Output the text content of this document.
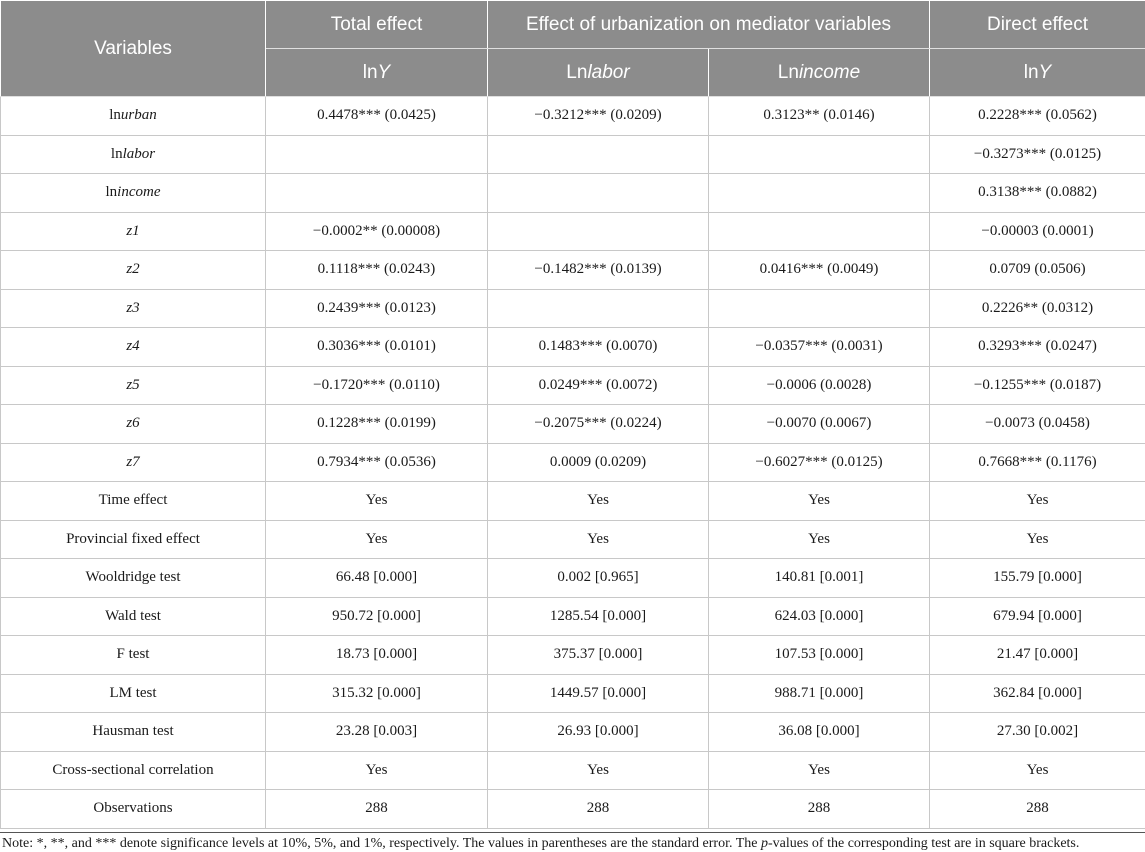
Variables	Total effect	Effect of urbanization on mediator variables		Direct effect
	lnY	Lnlabor	Lnincome	lnY
lnurban	0.4478*** (0.0425)	−0.3212*** (0.0209)	0.3123** (0.0146)	0.2228*** (0.0562)
lnlabor				−0.3273*** (0.0125)
lnincome				0.3138*** (0.0882)
z1	−0.0002** (0.00008)			−0.00003 (0.0001)
z2	0.1118*** (0.0243)	−0.1482*** (0.0139)	0.0416*** (0.0049)	0.0709 (0.0506)
z3	0.2439*** (0.0123)			0.2226** (0.0312)
z4	0.3036*** (0.0101)	0.1483*** (0.0070)	−0.0357*** (0.0031)	0.3293*** (0.0247)
z5	−0.1720*** (0.0110)	0.0249*** (0.0072)	−0.0006 (0.0028)	−0.1255*** (0.0187)
z6	0.1228*** (0.0199)	−0.2075*** (0.0224)	−0.0070 (0.0067)	−0.0073 (0.0458)
z7	0.7934*** (0.0536)	0.0009 (0.0209)	−0.6027*** (0.0125)	0.7668*** (0.1176)
Time effect	Yes	Yes	Yes	Yes
Provincial fixed effect	Yes	Yes	Yes	Yes
Wooldridge test	66.48 [0.000]	0.002 [0.965]	140.81 [0.001]	155.79 [0.000]
Wald test	950.72 [0.000]	1285.54 [0.000]	624.03 [0.000]	679.94 [0.000]
F test	18.73 [0.000]	375.37 [0.000]	107.53 [0.000]	21.47 [0.000]
LM test	315.32 [0.000]	1449.57 [0.000]	988.71 [0.000]	362.84 [0.000]
Hausman test	23.28 [0.003]	26.93 [0.000]	36.08 [0.000]	27.30 [0.002]
Cross-sectional correlation	Yes	Yes	Yes	Yes
Observations	288	288	288	288
Note: *, **, and *** denote significance levels at 10%, 5%, and 1%, respectively. The values in parentheses are the standard error. The p-values of the corresponding test are in square brackets.
